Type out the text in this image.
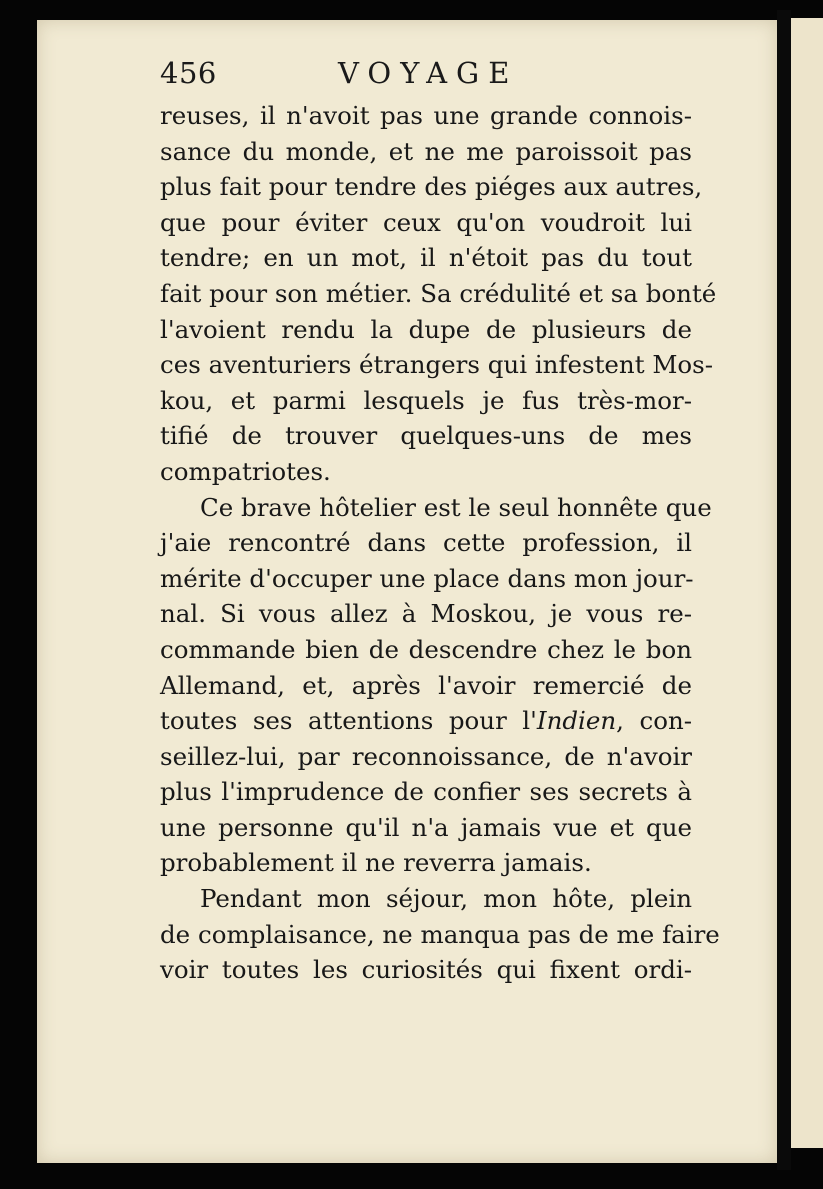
456	VOYAGE
reuses, il n'avoit pas une grande connois-
sance du monde, et ne me paroissoit pas
plus fait pour tendre des piéges aux autres,
que pour éviter ceux qu'on voudroit lui
tendre; en un mot, il n'étoit pas du tout
fait pour son métier. Sa crédulité et sa bonté
l'avoient rendu la dupe de plusieurs de
ces aventuriers étrangers qui infestent Mos-
kou, et parmi lesquels je fus très-mor-
tifié de trouver quelques-uns de mes
compatriotes.
Ce brave hôtelier est le seul honnête que
j'aie rencontré dans cette profession, il
mérite d'occuper une place dans mon jour-
nal. Si vous allez à Moskou, je vous re-
commande bien de descendre chez le bon
Allemand, et, après l'avoir remercié de
toutes ses attentions pour l'Indien, con-
seillez-lui, par reconnoissance, de n'avoir
plus l'imprudence de confier ses secrets à
une personne qu'il n'a jamais vue et que
probablement il ne reverra jamais.
Pendant mon séjour, mon hôte, plein
de complaisance, ne manqua pas de me faire
voir toutes les curiosités qui fixent ordi-
